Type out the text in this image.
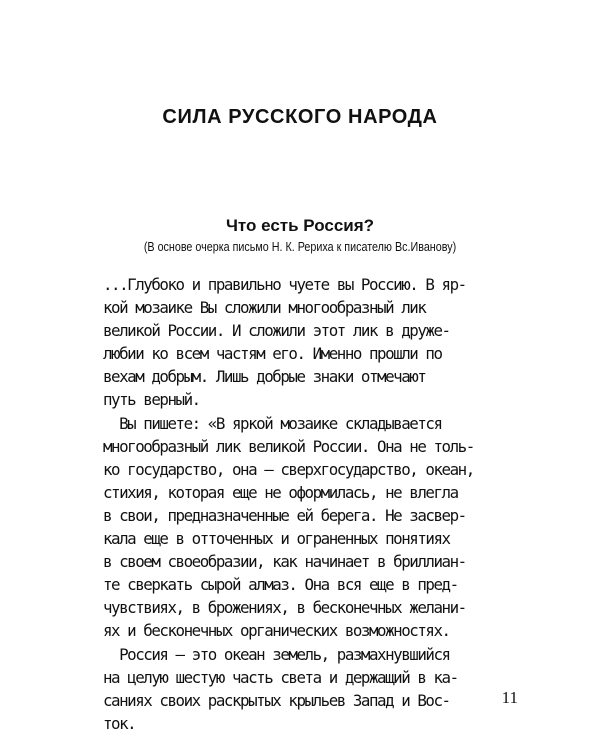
СИЛА РУССКОГО НАРОДА
Что есть Россия?
(В основе очерка письмо Н. К. Рериха к писателю Вс.Иванову)
...Глубоко и правильно чуете вы Россию. В яр-
кой мозаике Вы сложили многообразный лик
великой России. И сложили этот лик в друже-
любии ко всем частям его. Именно прошли по
вехам добрым. Лишь добрые знаки отмечают
путь верный.
Вы пишете: «В яркой мозаике складывается
многообразный лик великой России. Она не толь-
ко государство, она — сверхгосударство, океан,
стихия, которая еще не оформилась, не влегла
в свои, предназначенные ей берега. Не засвер-
кала еще в отточенных и ограненных понятиях
в своем своеобразии, как начинает в бриллиан-
те сверкать сырой алмаз. Она вся еще в пред-
чувствиях, в брожениях, в бесконечных желани-
ях и бесконечных органических возможностях.
Россия — это океан земель, размахнувшийся
на целую шестую часть света и держащий в ка-
саниях своих раскрытых крыльев Запад и Вос-
ток.
11
